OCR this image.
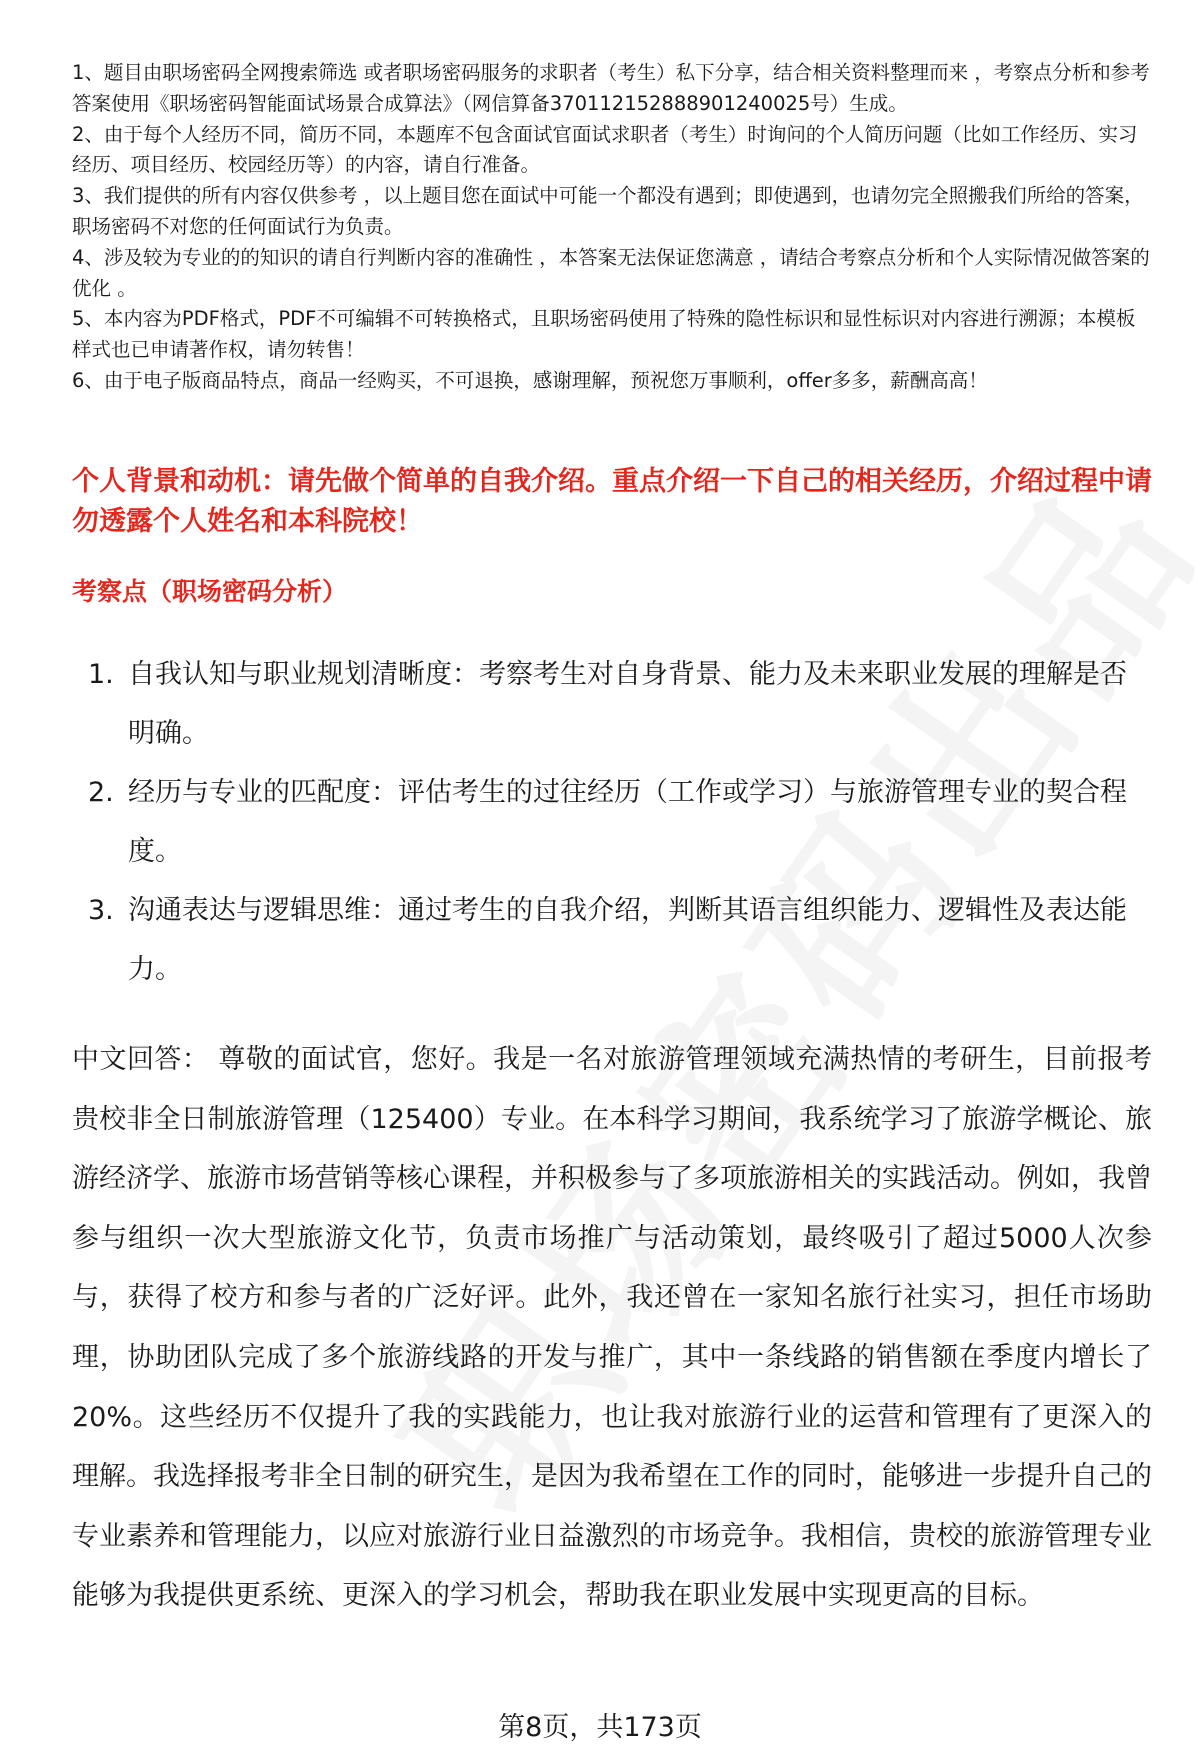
1、题目由职场密码全网搜索筛选 或者职场密码服务的求职者（考生）私下分享，结合相关资料整理而来 ，考察点分析和参考答案使用《职场密码智能面试场景合成算法》（网信算备370112152888901240025号）生成。

2、由于每个人经历不同，简历不同，本题库不包含面试官面试求职者（考生）时询问的个人简历问题（比如工作经历、实习经历、项目经历、校园经历等）的内容，请自行准备。

3、我们提供的所有内容仅供参考 ，以上题目您在面试中可能一个都没有遇到；即使遇到，也请勿完全照搬我们所给的答案，职场密码不对您的任何面试行为负责。

4、涉及较为专业的的知识的请自行判断内容的准确性 ，本答案无法保证您满意 ，请结合考察点分析和个人实际情况做答案的优化 。

5、本内容为PDF格式，PDF不可编辑不可转换格式，且职场密码使用了特殊的隐性标识和显性标识对内容进行溯源；本模板样式也已申请著作权，请勿转售！

6、由于电子版商品特点，商品一经购买，不可退换，感谢理解，预祝您万事顺利，offer多多，薪酬高高！

个人背景和动机：请先做个简单的自我介绍。重点介绍一下自己的相关经历，介绍过程中请勿透露个人姓名和本科院校！
考察点（职场密码分析）
1. 自我认知与职业规划清晰度：考察考生对自身背景、能力及未来职业发展的理解是否明确。
2. 经历与专业的匹配度：评估考生的过往经历（工作或学习）与旅游管理专业的契合程度。
3. 沟通表达与逻辑思维：通过考生的自我介绍，判断其语言组织能力、逻辑性及表达能力。
中文回答： 尊敬的面试官，您好。我是一名对旅游管理领域充满热情的考研生，目前报考贵校非全日制旅游管理（125400）专业。在本科学习期间，我系统学习了旅游学概论、旅游经济学、旅游市场营销等核心课程，并积极参与了多项旅游相关的实践活动。例如，我曾参与组织一次大型旅游文化节，负责市场推广与活动策划，最终吸引了超过5000人次参与，获得了校方和参与者的广泛好评。此外，我还曾在一家知名旅行社实习，担任市场助理，协助团队完成了多个旅游线路的开发与推广，其中一条线路的销售额在季度内增长了20%。这些经历不仅提升了我的实践能力，也让我对旅游行业的运营和管理有了更深入的理解。我选择报考非全日制的研究生，是因为我希望在工作的同时，能够进一步提升自己的专业素养和管理能力，以应对旅游行业日益激烈的市场竞争。我相信，贵校的旅游管理专业能够为我提供更系统、更深入的学习机会，帮助我在职业发展中实现更高的目标。
第8页，共173页
